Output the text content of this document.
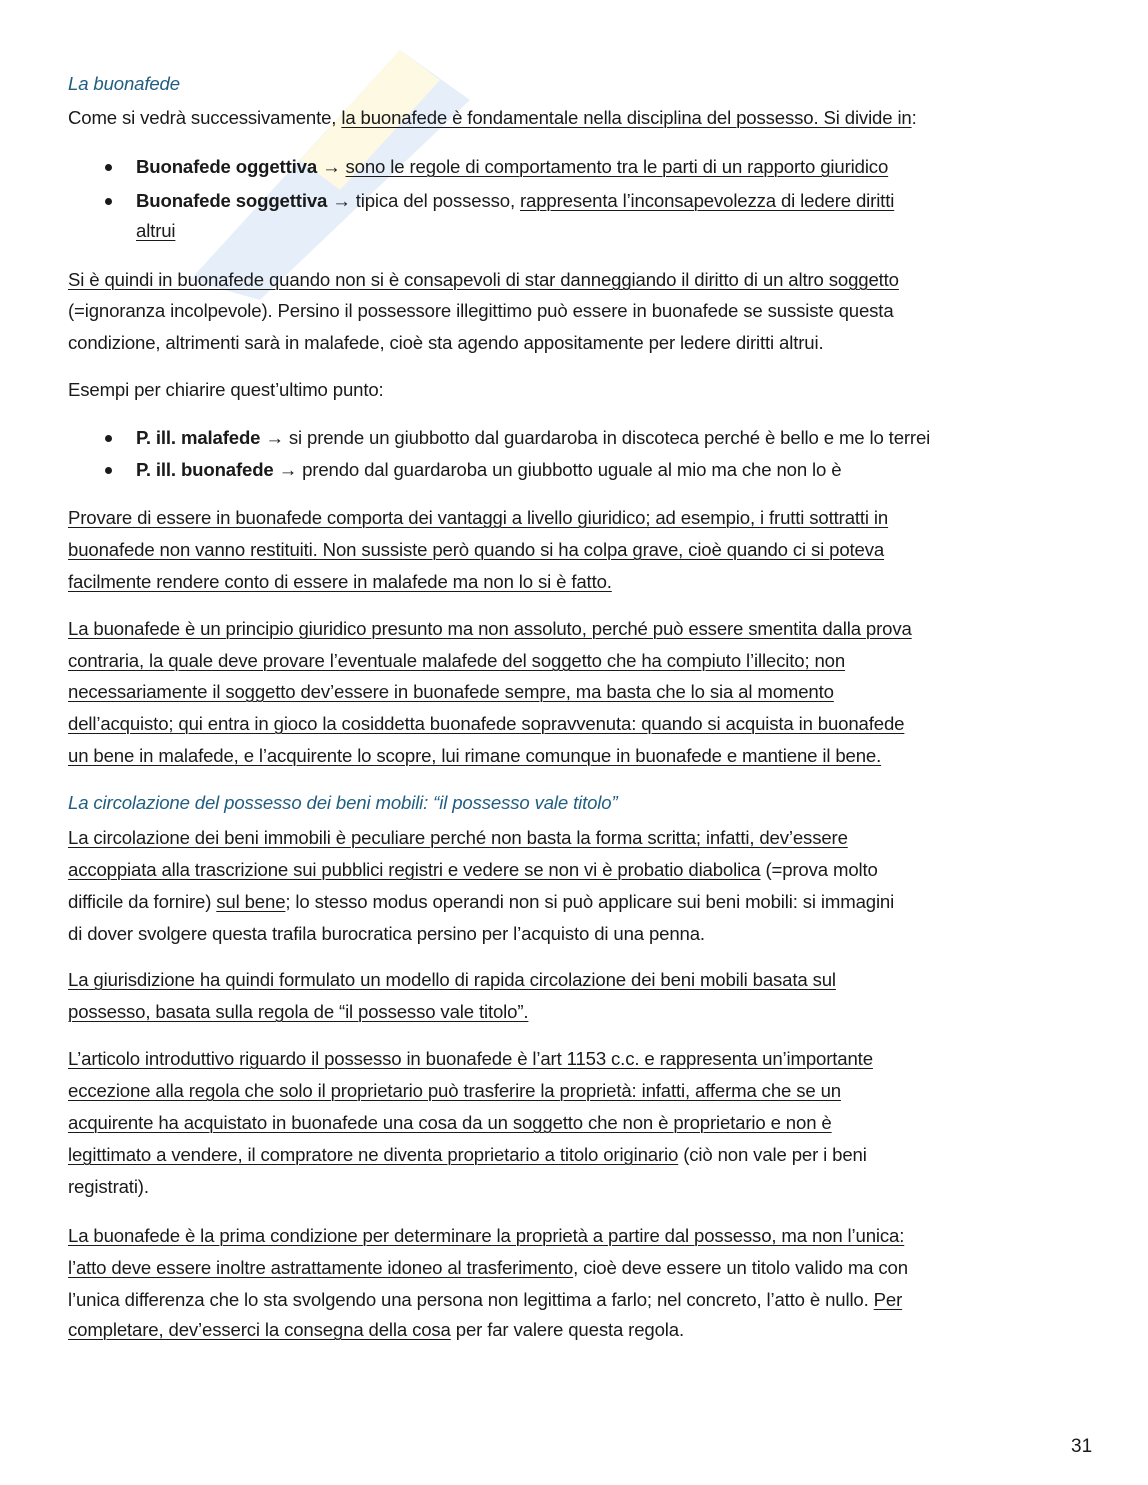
La buonafede
Come si vedrà successivamente, la buonafede è fondamentale nella disciplina del possesso. Si divide in:
Buonafede oggettiva → sono le regole di comportamento tra le parti di un rapporto giuridico
Buonafede soggettiva → tipica del possesso, rappresenta l’inconsapevolezza di ledere diritti
altrui
Si è quindi in buonafede quando non si è consapevoli di star danneggiando il diritto di un altro soggetto
(=ignoranza incolpevole). Persino il possessore illegittimo può essere in buonafede se sussiste questa
condizione, altrimenti sarà in malafede, cioè sta agendo appositamente per ledere diritti altrui.
Esempi per chiarire quest’ultimo punto:
P. ill. malafede → si prende un giubbotto dal guardaroba in discoteca perché è bello e me lo terrei
P. ill. buonafede → prendo dal guardaroba un giubbotto uguale al mio ma che non lo è
Provare di essere in buonafede comporta dei vantaggi a livello giuridico; ad esempio, i frutti sottratti in
buonafede non vanno restituiti. Non sussiste però quando si ha colpa grave, cioè quando ci si poteva
facilmente rendere conto di essere in malafede ma non lo si è fatto.
La buonafede è un principio giuridico presunto ma non assoluto, perché può essere smentita dalla prova
contraria, la quale deve provare l’eventuale malafede del soggetto che ha compiuto l’illecito; non
necessariamente il soggetto dev’essere in buonafede sempre, ma basta che lo sia al momento
dell’acquisto; qui entra in gioco la cosiddetta buonafede sopravvenuta: quando si acquista in buonafede
un bene in malafede, e l’acquirente lo scopre, lui rimane comunque in buonafede e mantiene il bene.
La circolazione del possesso dei beni mobili: “il possesso vale titolo”
La circolazione dei beni immobili è peculiare perché non basta la forma scritta; infatti, dev’essere
accoppiata alla trascrizione sui pubblici registri e vedere se non vi è probatio diabolica (=prova molto
difficile da fornire) sul bene; lo stesso modus operandi non si può applicare sui beni mobili: si immagini
di dover svolgere questa trafila burocratica persino per l’acquisto di una penna.
La giurisdizione ha quindi formulato un modello di rapida circolazione dei beni mobili basata sul
possesso, basata sulla regola de “il possesso vale titolo”.
L’articolo introduttivo riguardo il possesso in buonafede è l’art 1153 c.c. e rappresenta un’importante
eccezione alla regola che solo il proprietario può trasferire la proprietà: infatti, afferma che se un
acquirente ha acquistato in buonafede una cosa da un soggetto che non è proprietario e non è
legittimato a vendere, il compratore ne diventa proprietario a titolo originario (ciò non vale per i beni
registrati).
La buonafede è la prima condizione per determinare la proprietà a partire dal possesso, ma non l’unica:
l’atto deve essere inoltre astrattamente idoneo al trasferimento, cioè deve essere un titolo valido ma con
l’unica differenza che lo sta svolgendo una persona non legittima a farlo; nel concreto, l’atto è nullo. Per
completare, dev’esserci la consegna della cosa per far valere questa regola.
31
